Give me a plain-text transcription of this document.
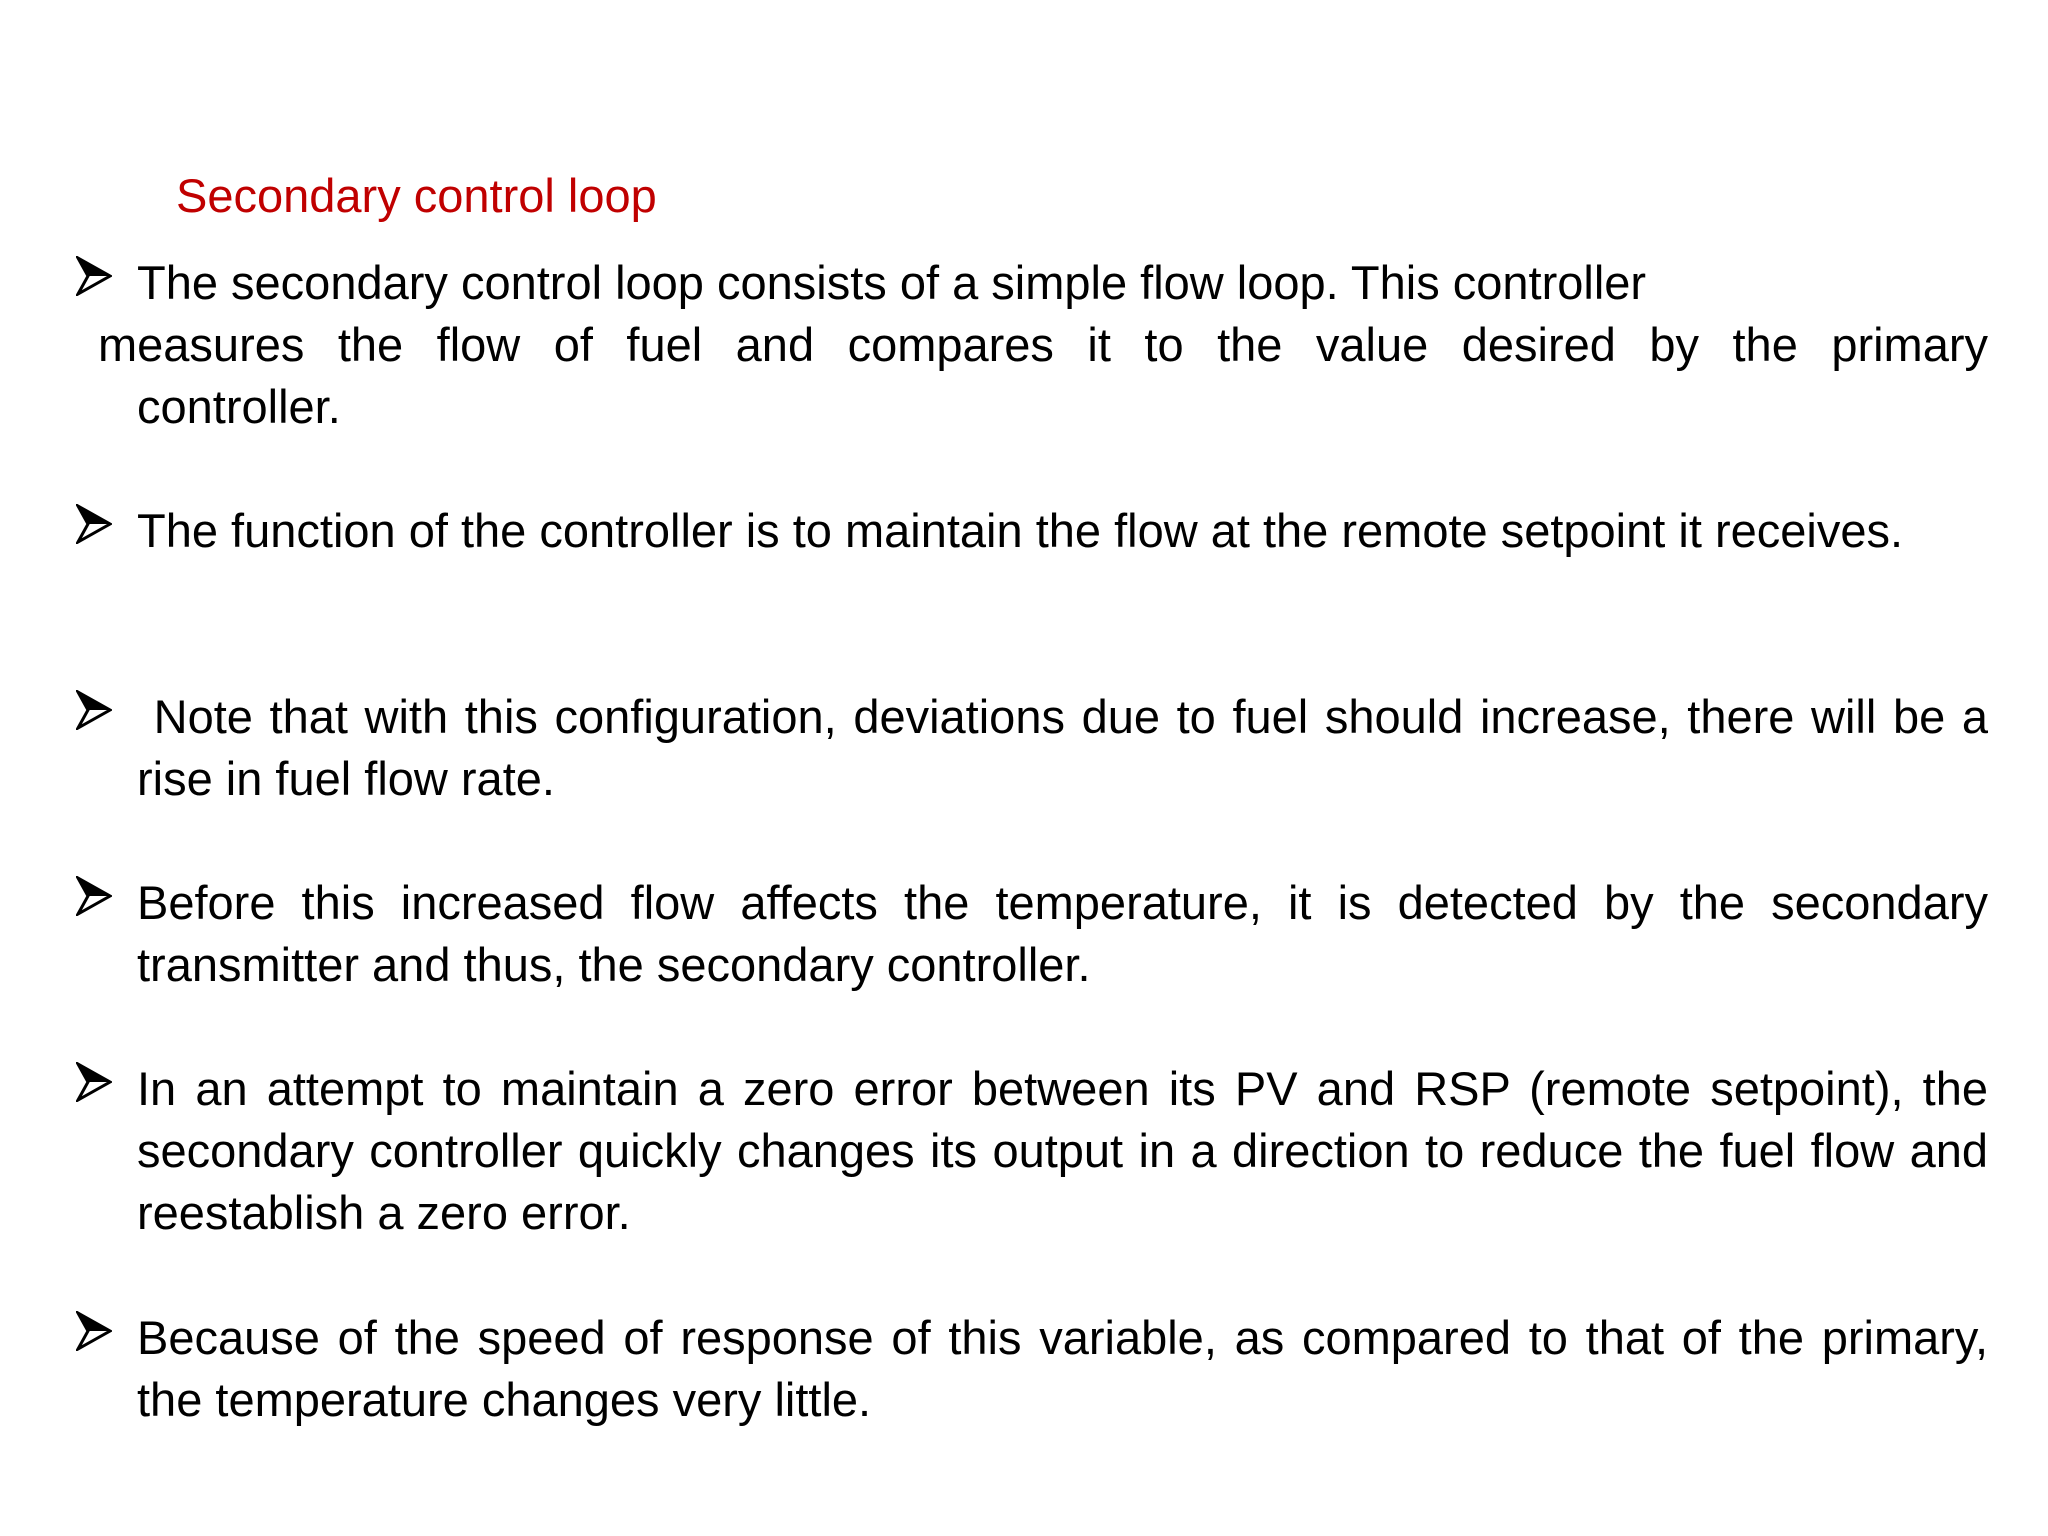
Secondary control loop

The secondary control loop consists of a simple flow loop. This controller

measures the flow of fuel and compares it to the value desired by the primary

controller.

The function of the controller is to maintain the flow at the remote setpoint it receives.

Note that with this configuration, deviations due to fuel should increase, there will be a rise in fuel flow rate.

Before this increased flow affects the temperature, it is detected by the secondary transmitter and thus, the secondary controller.

In an attempt to maintain a zero error between its PV and RSP (remote setpoint), the secondary controller quickly changes its output in a direction to reduce the fuel flow and reestablish a zero error.

Because of the speed of response of this variable, as compared to that of the primary, the temperature changes very little.
